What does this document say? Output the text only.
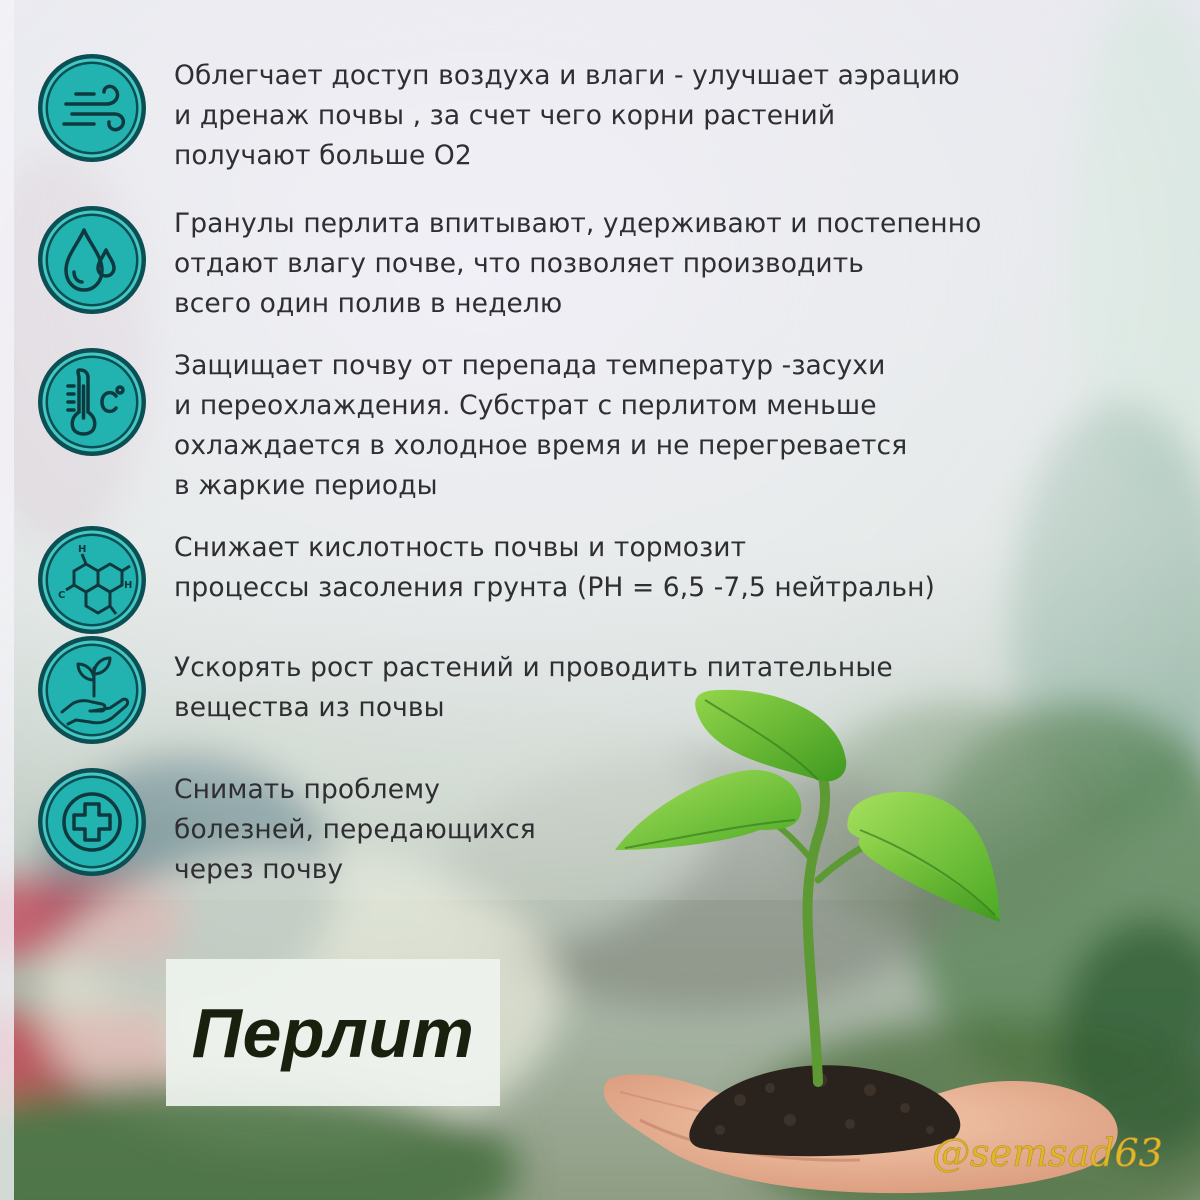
Облегчает доступ воздуха и влаги - улучшает аэрацию
и дренаж почвы , за счет чего корни растений
получают больше О2

Гранулы перлита впитывают, удерживают и постепенно
отдают влагу почве, что позволяет производить
всего один полив в неделю

Защищает почву от перепада температур -засухи
и переохлаждения. Субстрат с перлитом меньше
охлаждается в холодное время и не перегревается
в жаркие периоды

H
H
C

Снижает кислотность почвы и тормозит
процессы засоления грунта (PH = 6,5 -7,5 нейтральн)

Ускорять рост растений и проводить питательные
вещества из почвы

Снимать проблему
болезней, передающихся
через почву

Перлит
@semsad63
